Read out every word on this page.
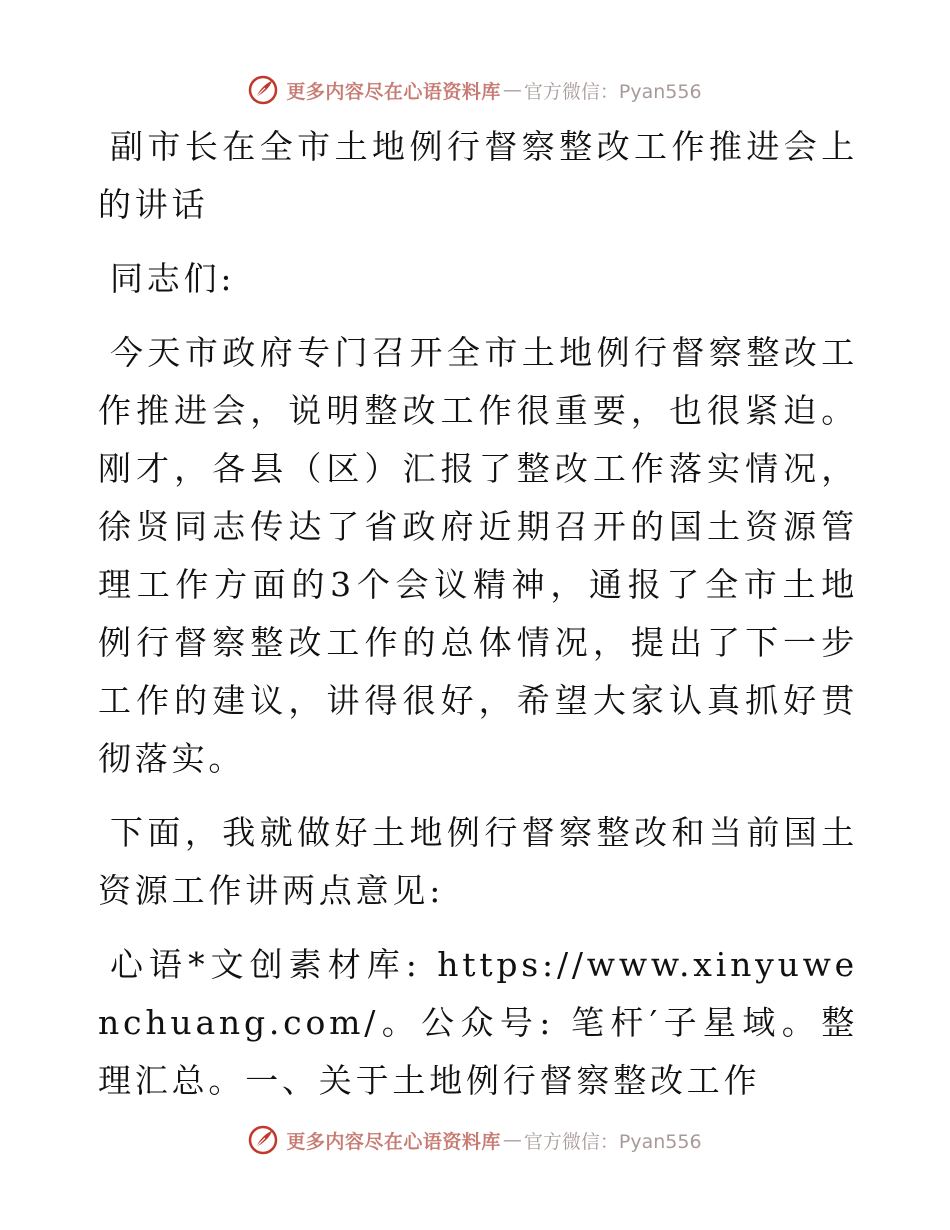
更多内容尽在心语资料库 — 官方微信：Pyan556

副市长在全市土地例行督察整改工作推进会上的讲话

同志们:

今天市政府专门召开全市土地例行督察整改工作推进会，说明整改工作很重要，也很紧迫。刚才，各县（区）汇报了整改工作落实情况，徐贤同志传达了省政府近期召开的国土资源管理工作方面的3个会议精神，通报了全市土地例行督察整改工作的总体情况，提出了下一步工作的建议，讲得很好，希望大家认真抓好贯彻落实。

下面，我就做好土地例行督察整改和当前国土资源工作讲两点意见:

心语*文创素材库: https://www.xinyuwenchuang.com/。公众号: 笔杆′子星域。整理汇总。一、关于土地例行督察整改工作

更多内容尽在心语资料库 — 官方微信：Pyan556
